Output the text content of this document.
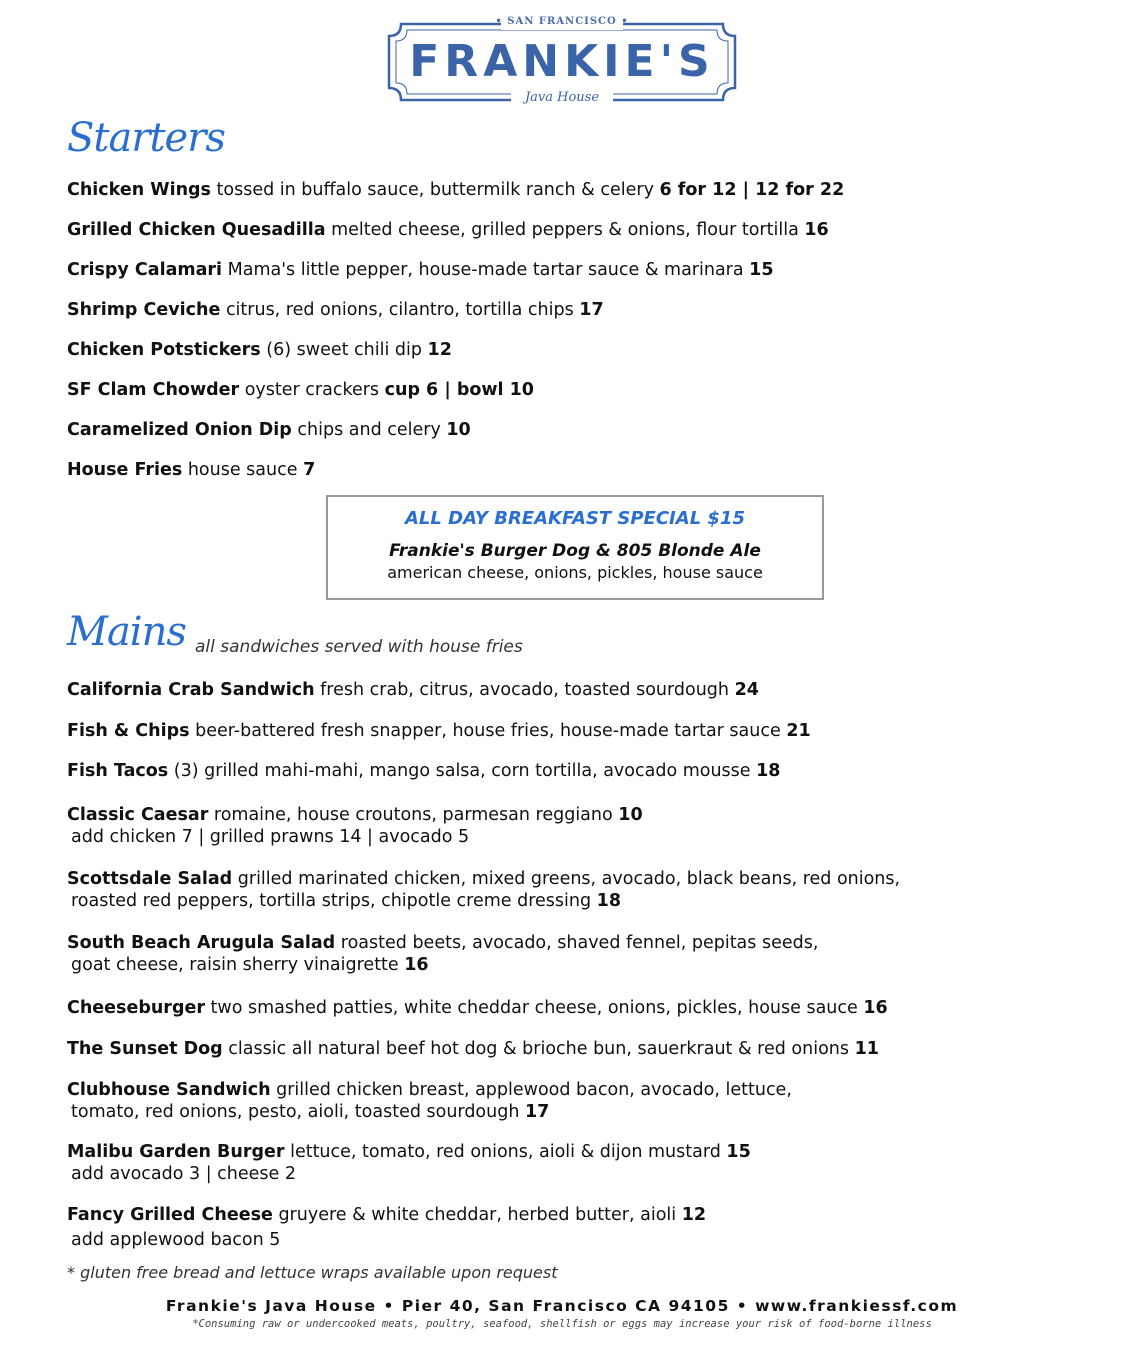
• SAN FRANCISCO •
FRANKIE'S
Java House
Starters
Chicken Wings tossed in buffalo sauce, buttermilk ranch & celery 6 for 12 | 12 for 22
Grilled Chicken Quesadilla melted cheese, grilled peppers & onions, flour tortilla 16
Crispy Calamari Mama's little pepper, house-made tartar sauce & marinara 15
Shrimp Ceviche citrus, red onions, cilantro, tortilla chips 17
Chicken Potstickers (6) sweet chili dip 12
SF Clam Chowder oyster crackers cup 6 | bowl 10
Caramelized Onion Dip chips and celery 10
House Fries house sauce 7
ALL DAY BREAKFAST SPECIAL $15
Frankie's Burger Dog & 805 Blonde Ale
american cheese, onions, pickles, house sauce
Mains all sandwiches served with house fries
California Crab Sandwich fresh crab, citrus, avocado, toasted sourdough 24
Fish & Chips beer-battered fresh snapper, house fries, house-made tartar sauce 21
Fish Tacos (3) grilled mahi-mahi, mango salsa, corn tortilla, avocado mousse 18
Classic Caesar romaine, house croutons, parmesan reggiano 10
add chicken 7 | grilled prawns 14 | avocado 5
Scottsdale Salad grilled marinated chicken, mixed greens, avocado, black beans, red onions,
roasted red peppers, tortilla strips, chipotle creme dressing 18
South Beach Arugula Salad roasted beets, avocado, shaved fennel, pepitas seeds,
goat cheese, raisin sherry vinaigrette 16
Cheeseburger two smashed patties, white cheddar cheese, onions, pickles, house sauce 16
The Sunset Dog classic all natural beef hot dog & brioche bun, sauerkraut & red onions 11
Clubhouse Sandwich grilled chicken breast, applewood bacon, avocado, lettuce,
tomato, red onions, pesto, aioli, toasted sourdough 17
Malibu Garden Burger lettuce, tomato, red onions, aioli & dijon mustard 15
add avocado 3 | cheese 2
Fancy Grilled Cheese gruyere & white cheddar, herbed butter, aioli 12
add applewood bacon 5
* gluten free bread and lettuce wraps available upon request
Frankie's Java House • Pier 40, San Francisco CA 94105 • www.frankiessf.com
*Consuming raw or undercooked meats, poultry, seafood, shellfish or eggs may increase your risk of food-borne illness
